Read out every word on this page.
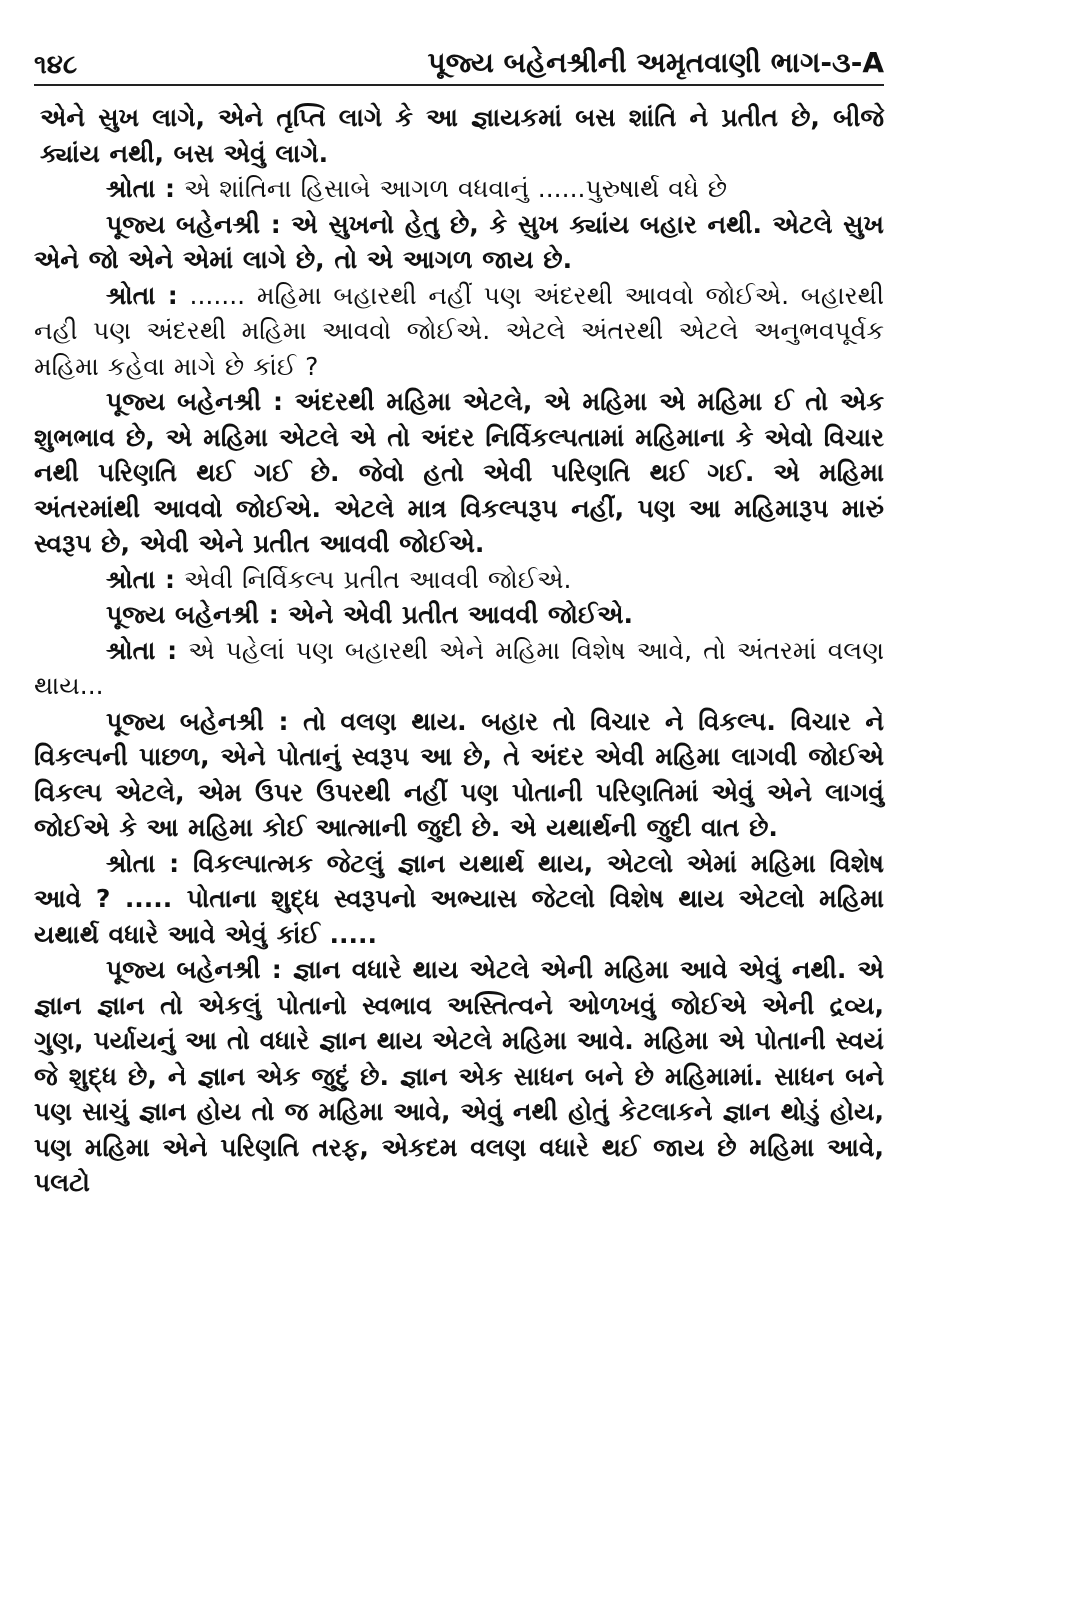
૧૪૮	પૂજ્ય બહેનશ્રીની અમૃતવાણી ભાગ-૩-A

એને સુખ લાગે, એને તૃપ્તિ લાગે કે આ જ્ઞાયકમાં બસ શાંતિ ને પ્રતીત છે, બીજે ક્યાંય નથી, બસ એવું લાગે.

શ્રોતા : એ શાંતિના હિસાબે આગળ વધવાનું ......પુરુષાર્થ વધે છે

પૂજ્ય બહેનશ્રી : એ સુખનો હેતુ છે, કે સુખ ક્યાંય બહાર નથી. એટલે સુખ એને જો એને એમાં લાગે છે, તો એ આગળ જાય છે.

શ્રોતા : ....... મહિમા બહારથી નહીં પણ અંદરથી આવવો જોઈએ. બહારથી નહી પણ અંદરથી મહિમા આવવો જોઈએ. એટલે અંતરથી એટલે અનુભવપૂર્વક મહિમા કહેવા માગે છે કાંઈ ?

પૂજ્ય બહેનશ્રી : અંદરથી મહિમા એટલે, એ મહિમા એ મહિમા ઈ તો એક શુભભાવ છે, એ મહિમા એટલે એ તો અંદર નિર્વિકલ્પતામાં મહિમાના કે એવો વિચાર નથી પરિણતિ થઈ ગઈ છે. જેવો હતો એવી પરિણતિ થઈ ગઈ. એ મહિમા અંતરમાંથી આવવો જોઈએ. એટલે માત્ર વિકલ્પરૂપ નહીં, પણ આ મહિમારૂપ મારું સ્વરૂપ છે, એવી એને પ્રતીત આવવી જોઈએ.

શ્રોતા : એવી નિર્વિકલ્પ પ્રતીત આવવી જોઈએ.

પૂજ્ય બહેનશ્રી : એને એવી પ્રતીત આવવી જોઈએ.

શ્રોતા : એ પહેલાં પણ બહારથી એને મહિમા વિશેષ આવે, તો અંતરમાં વલણ થાય...

પૂજ્ય બહેનશ્રી : તો વલણ થાય. બહાર તો વિચાર ને વિકલ્પ. વિચાર ને વિકલ્પની પાછળ, એને પોતાનું સ્વરૂપ આ છે, તે અંદર એવી મહિમા લાગવી જોઈએ વિકલ્પ એટલે, એમ ઉપર ઉપરથી નહીં પણ પોતાની પરિણતિમાં એવું એને લાગવું જોઈએ કે આ મહિમા કોઈ આત્માની જુદી છે. એ યથાર્થની જુદી વાત છે.

શ્રોતા : વિકલ્પાત્મક જેટલું જ્ઞાન યથાર્થ થાય, એટલો એમાં મહિમા વિશેષ આવે ? ..... પોતાના શુદ્ધ સ્વરૂપનો અભ્યાસ જેટલો વિશેષ થાય એટલો મહિમા યથાર્થ વધારે આવે એવું કાંઈ .....

પૂજ્ય બહેનશ્રી : જ્ઞાન વધારે થાય એટલે એની મહિમા આવે એવું નથી. એ જ્ઞાન જ્ઞાન તો એકલું પોતાનો સ્વભાવ અસ્તિત્વને ઓળખવું જોઈએ એની દ્રવ્ય, ગુણ, પર્યાયનું આ તો વધારે જ્ઞાન થાય એટલે મહિમા આવે. મહિમા એ પોતાની સ્વયં જે શુદ્ધ છે, ને જ્ઞાન એક જુદું છે. જ્ઞાન એક સાધન બને છે મહિમામાં. સાધન બને પણ સાચું જ્ઞાન હોય તો જ મહિમા આવે, એવું નથી હોતું કેટલાકને જ્ઞાન થોડું હોય, પણ મહિમા એને પરિણતિ તરફ, એકદમ વલણ વધારે થઈ જાય છે મહિમા આવે, પલટો
